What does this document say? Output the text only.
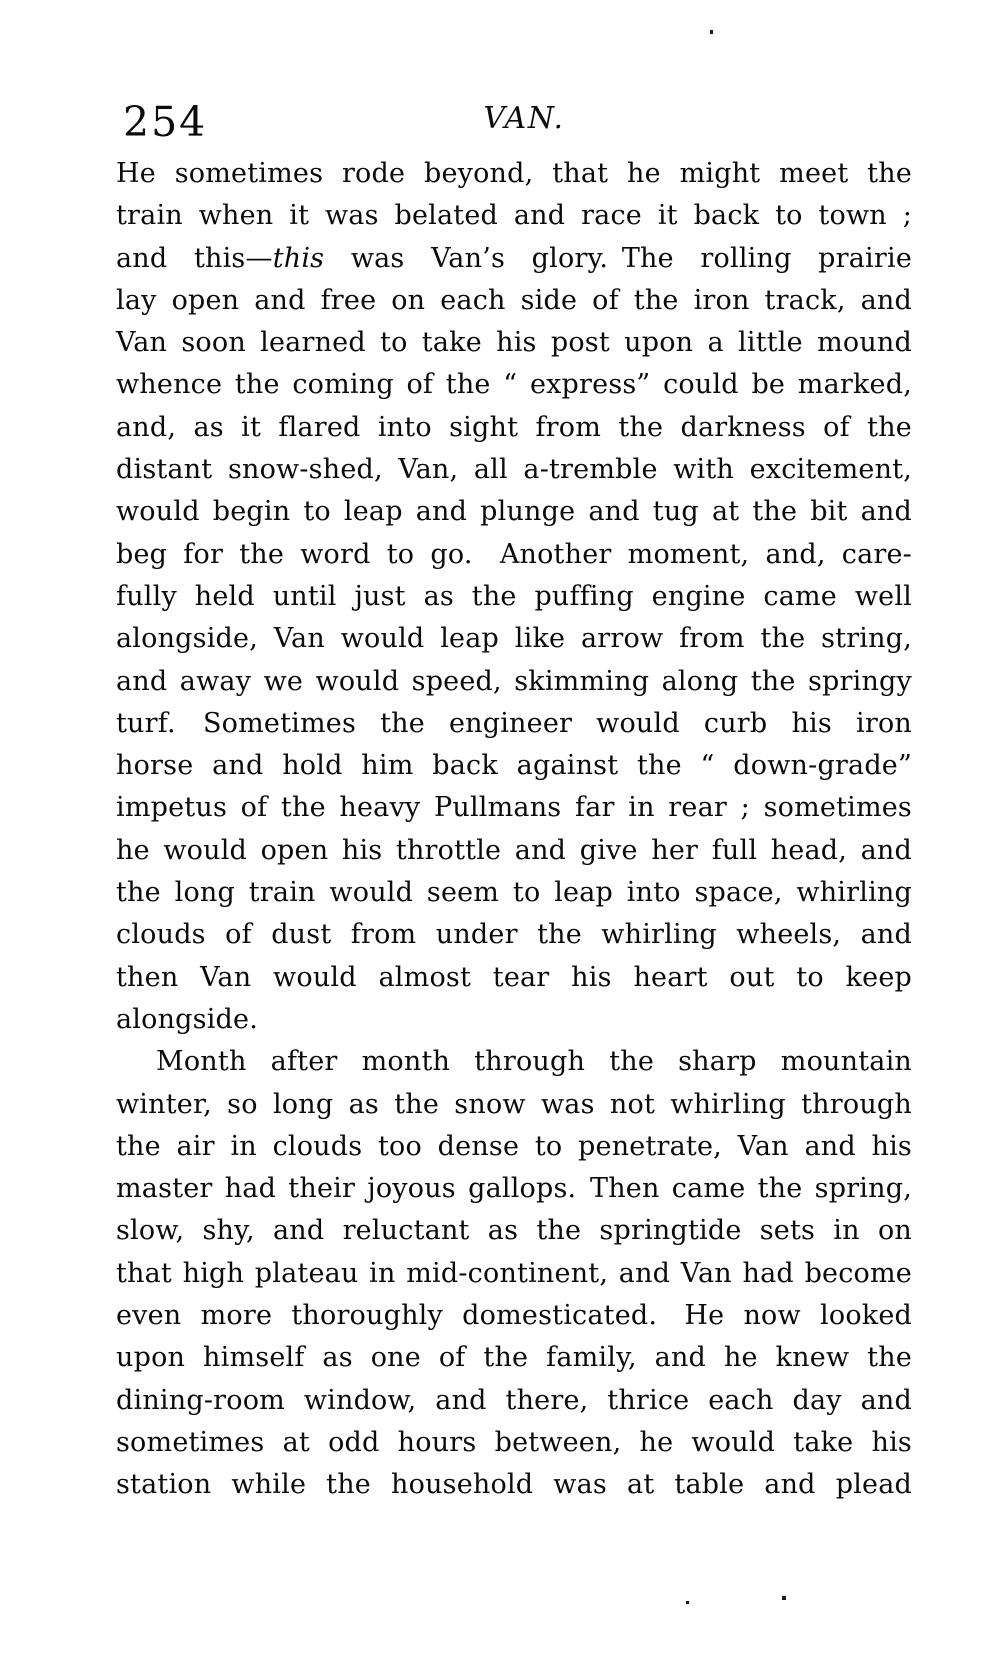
254	VAN.
He sometimes rode beyond, that he might meet the
train when it was belated and race it back to town ;
and this—this was Van’s glory. The rolling prairie
lay open and free on each side of the iron track, and
Van soon learned to take his post upon a little mound
whence the coming of the “ express” could be marked,
and, as it flared into sight from the darkness of the
distant snow-shed, Van, all a-tremble with excitement,
would begin to leap and plunge and tug at the bit and
beg for the word to go. Another moment, and, care-
fully held until just as the puffing engine came well
alongside, Van would leap like arrow from the string,
and away we would speed, skimming along the springy
turf. Sometimes the engineer would curb his iron
horse and hold him back against the “ down-grade”
impetus of the heavy Pullmans far in rear ; sometimes
he would open his throttle and give her full head, and
the long train would seem to leap into space, whirling
clouds of dust from under the whirling wheels, and
then Van would almost tear his heart out to keep
alongside.
Month after month through the sharp mountain
winter, so long as the snow was not whirling through
the air in clouds too dense to penetrate, Van and his
master had their joyous gallops. Then came the spring,
slow, shy, and reluctant as the springtide sets in on
that high plateau in mid-continent, and Van had become
even more thoroughly domesticated. He now looked
upon himself as one of the family, and he knew the
dining-room window, and there, thrice each day and
sometimes at odd hours between, he would take his
station while the household was at table and plead
